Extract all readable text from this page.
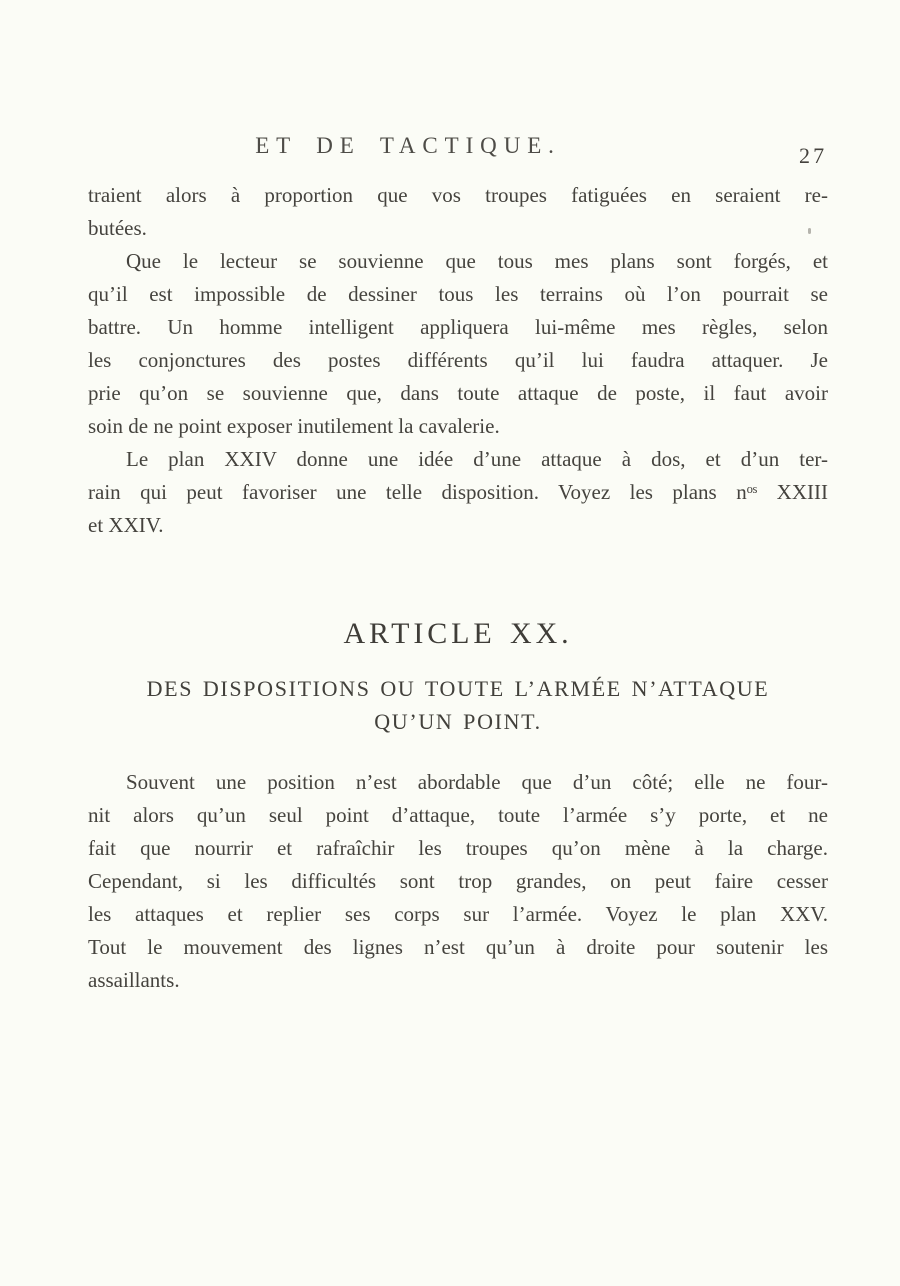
ET DE TACTIQUE.	27
traient alors à proportion que vos troupes fatiguées en seraient re-
butées.
Que le lecteur se souvienne que tous mes plans sont forgés, et
qu’il est impossible de dessiner tous les terrains où l’on pourrait se
battre. Un homme intelligent appliquera lui-même mes règles, selon
les conjonctures des postes différents qu’il lui faudra attaquer. Je
prie qu’on se souvienne que, dans toute attaque de poste, il faut avoir
soin de ne point exposer inutilement la cavalerie.
Le plan XXIV donne une idée d’une attaque à dos, et d’un ter-
rain qui peut favoriser une telle disposition. Voyez les plans nᵒˢ XXIII
et XXIV.
ARTICLE XX.
DES DISPOSITIONS OU TOUTE L’ARMÉE N’ATTAQUE
QU’UN POINT.
Souvent une position n’est abordable que d’un côté; elle ne four-
nit alors qu’un seul point d’attaque, toute l’armée s’y porte, et ne
fait que nourrir et rafraîchir les troupes qu’on mène à la charge.
Cependant, si les difficultés sont trop grandes, on peut faire cesser
les attaques et replier ses corps sur l’armée. Voyez le plan XXV.
Tout le mouvement des lignes n’est qu’un à droite pour soutenir les
assaillants.
